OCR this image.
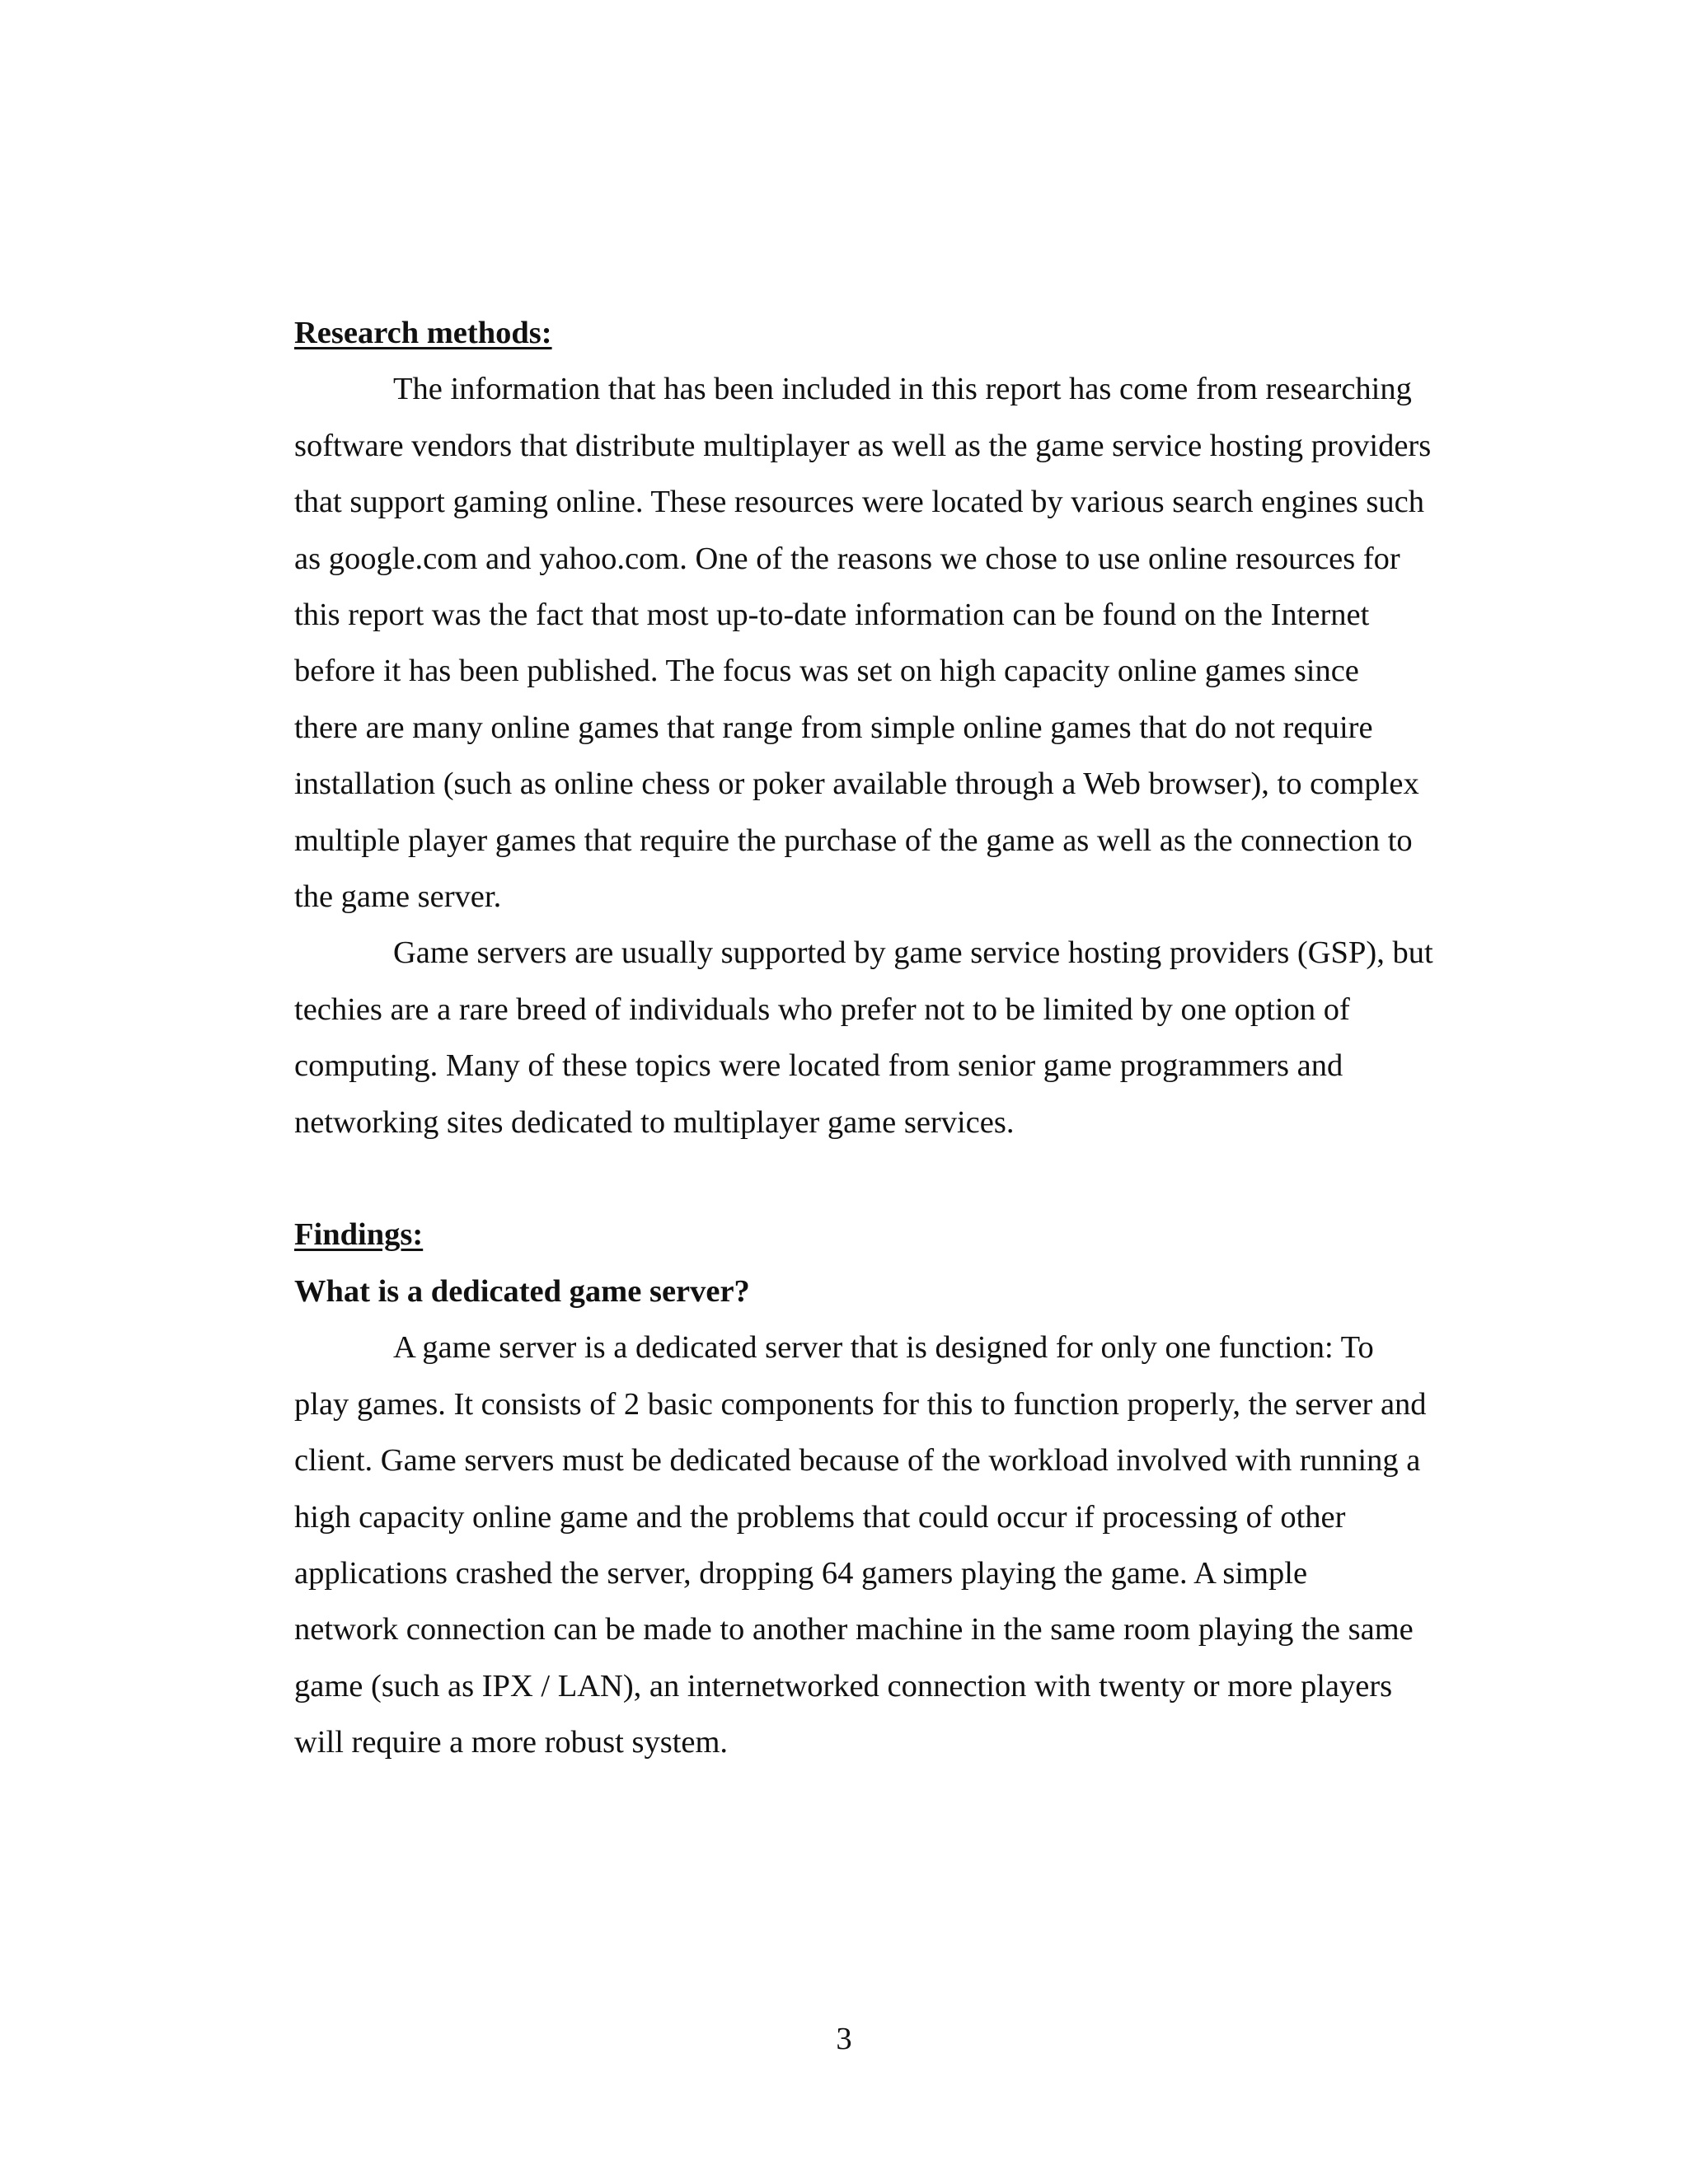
Research methods:

The information that has been included in this report has come from researching
software vendors that distribute multiplayer as well as the game service hosting providers
that support gaming online. These resources were located by various search engines such
as google.com and yahoo.com. One of the reasons we chose to use online resources for
this report was the fact that most up-to-date information can be found on the Internet
before it has been published. The focus was set on high capacity online games since
there are many online games that range from simple online games that do not require
installation (such as online chess or poker available through a Web browser), to complex
multiple player games that require the purchase of the game as well as the connection to
the game server.

Game servers are usually supported by game service hosting providers (GSP), but
techies are a rare breed of individuals who prefer not to be limited by one option of
computing. Many of these topics were located from senior game programmers and
networking sites dedicated to multiplayer game services.

Findings:
What is a dedicated game server?

A game server is a dedicated server that is designed for only one function: To
play games. It consists of 2 basic components for this to function properly, the server and
client. Game servers must be dedicated because of the workload involved with running a
high capacity online game and the problems that could occur if processing of other
applications crashed the server, dropping 64 gamers playing the game. A simple
network connection can be made to another machine in the same room playing the same
game (such as IPX / LAN), an internetworked connection with twenty or more players
will require a more robust system.

3
